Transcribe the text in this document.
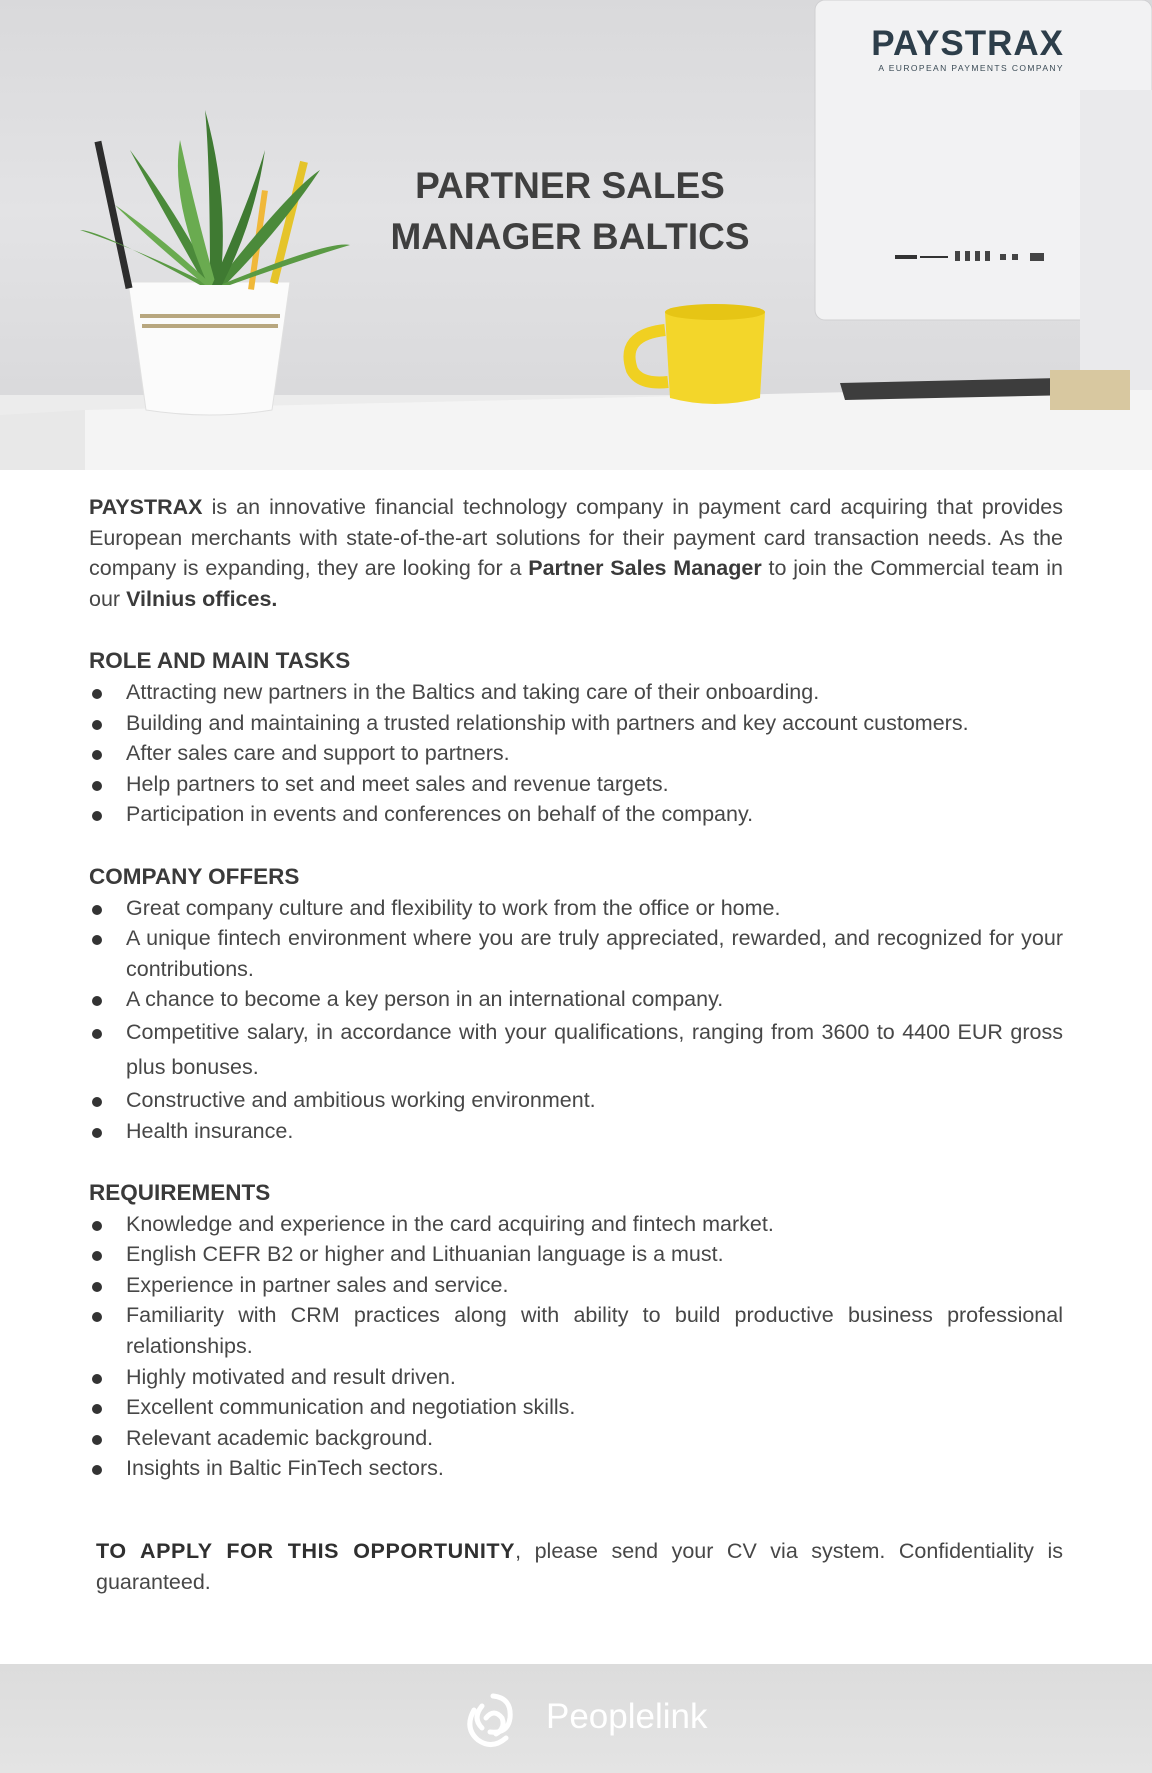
PAYSTRAX
A EUROPEAN PAYMENTS COMPANY
PARTNER SALES
MANAGER BALTICS

PAYSTRAX is an innovative financial technology company in payment card acquiring that provides European merchants with state-of-the-art solutions for their payment card transaction needs. As the company is expanding, they are looking for a Partner Sales Manager to join the Commercial team in our Vilnius offices.

ROLE AND MAIN TASKS
Attracting new partners in the Baltics and taking care of their onboarding.
Building and maintaining a trusted relationship with partners and key account customers.
After sales care and support to partners.
Help partners to set and meet sales and revenue targets.
Participation in events and conferences on behalf of the company.
COMPANY OFFERS
Great company culture and flexibility to work from the office or home.
A unique fintech environment where you are truly appreciated, rewarded, and recognized for your contributions.
A chance to become a key person in an international company.
Competitive salary, in accordance with your qualifications, ranging from 3600 to 4400 EUR gross plus bonuses.
Constructive and ambitious working environment.
Health insurance.
REQUIREMENTS
Knowledge and experience in the card acquiring and fintech market.
English CEFR B2 or higher and Lithuanian language is a must.
Experience in partner sales and service.
Familiarity with CRM practices along with ability to build productive business professional relationships.
Highly motivated and result driven.
Excellent communication and negotiation skills.
Relevant academic background.
Insights in Baltic FinTech sectors.

TO APPLY FOR THIS OPPORTUNITY, please send your CV via system. Confidentiality is guaranteed.

Peoplelink
